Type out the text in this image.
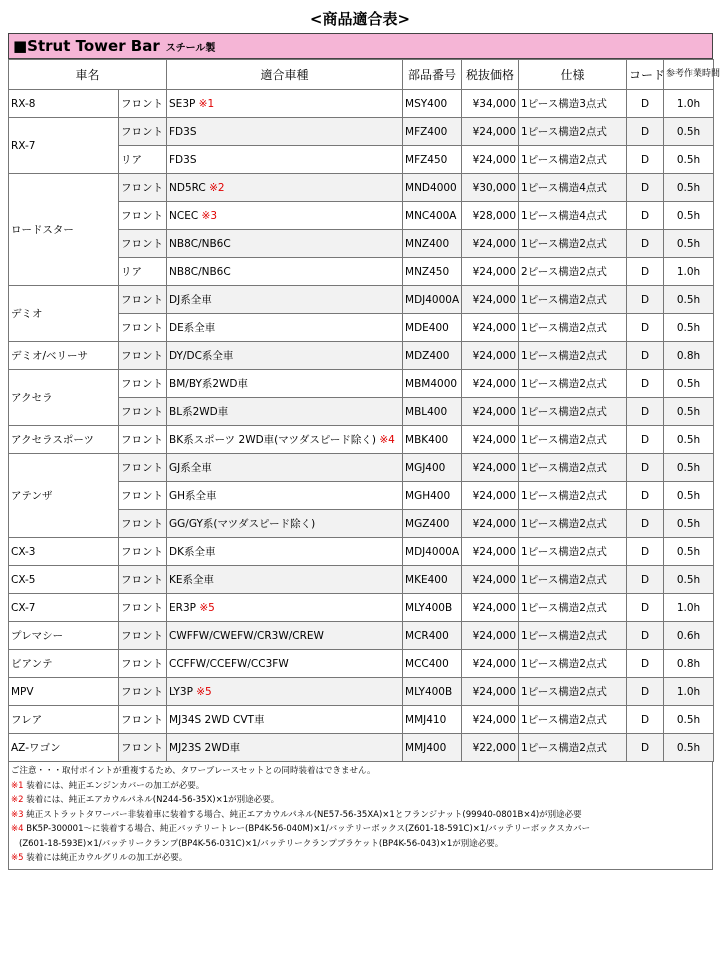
<商品適合表>
■Strut Tower Bar スチール製
車名		適合車種	部品番号	税抜価格	仕様	コード	参考作業時間
RX-8	フロント	SE3P ※1	MSY400	¥34,000	1ピース構造3点式	D	1.0h
RX-7	フロント	FD3S	MFZ400	¥24,000	1ピース構造2点式	D	0.5h
	リア	FD3S	MFZ450	¥24,000	1ピース構造2点式	D	0.5h
ロードスター	フロント	ND5RC ※2	MND4000	¥30,000	1ピース構造4点式	D	0.5h
	フロント	NCEC ※3	MNC400A	¥28,000	1ピース構造4点式	D	0.5h
	フロント	NB8C/NB6C	MNZ400	¥24,000	1ピース構造2点式	D	0.5h
	リア	NB8C/NB6C	MNZ450	¥24,000	2ピース構造2点式	D	1.0h
デミオ	フロント	DJ系全車	MDJ4000A	¥24,000	1ピース構造2点式	D	0.5h
	フロント	DE系全車	MDE400	¥24,000	1ピース構造2点式	D	0.5h
デミオ/ベリーサ	フロント	DY/DC系全車	MDZ400	¥24,000	1ピース構造2点式	D	0.8h
アクセラ	フロント	BM/BY系2WD車	MBM4000	¥24,000	1ピース構造2点式	D	0.5h
	フロント	BL系2WD車	MBL400	¥24,000	1ピース構造2点式	D	0.5h
アクセラスポーツ	フロント	BK系スポーツ 2WD車(マツダスピード除く) ※4	MBK400	¥24,000	1ピース構造2点式	D	0.5h
アテンザ	フロント	GJ系全車	MGJ400	¥24,000	1ピース構造2点式	D	0.5h
	フロント	GH系全車	MGH400	¥24,000	1ピース構造2点式	D	0.5h
	フロント	GG/GY系(マツダスピード除く)	MGZ400	¥24,000	1ピース構造2点式	D	0.5h
CX-3	フロント	DK系全車	MDJ4000A	¥24,000	1ピース構造2点式	D	0.5h
CX-5	フロント	KE系全車	MKE400	¥24,000	1ピース構造2点式	D	0.5h
CX-7	フロント	ER3P ※5	MLY400B	¥24,000	1ピース構造2点式	D	1.0h
プレマシー	フロント	CWFFW/CWEFW/CR3W/CREW	MCR400	¥24,000	1ピース構造2点式	D	0.6h
ビアンテ	フロント	CCFFW/CCEFW/CC3FW	MCC400	¥24,000	1ピース構造2点式	D	0.8h
MPV	フロント	LY3P ※5	MLY400B	¥24,000	1ピース構造2点式	D	1.0h
フレア	フロント	MJ34S 2WD CVT車	MMJ410	¥24,000	1ピース構造2点式	D	0.5h
AZ-ワゴン	フロント	MJ23S 2WD車	MMJ400	¥22,000	1ピース構造2点式	D	0.5h
ご注意・・・取付ポイントが重複するため、タワーブレースセットとの同時装着はできません。
※1 装着には、純正エンジンカバーの加工が必要。
※2 装着には、純正エアカウルパネル(N244-56-35X)×1が別途必要。
※3 純正ストラットタワーバー非装着車に装着する場合、純正エアカウルパネル(NE57-56-35XA)×1とフランジナット(99940-0801B×4)が別途必要
※4 BK5P-300001～に装着する場合、純正バッテリートレー(BP4K-56-040M)×1/バッテリーボックス(Z601-18-591C)×1/バッテリーボックスカバー
(Z601-18-593E)×1/バッテリークランプ(BP4K-56-031C)×1/バッテリークランプブラケット(BP4K-56-043)×1が別途必要。
※5 装着には純正カウルグリルの加工が必要。
